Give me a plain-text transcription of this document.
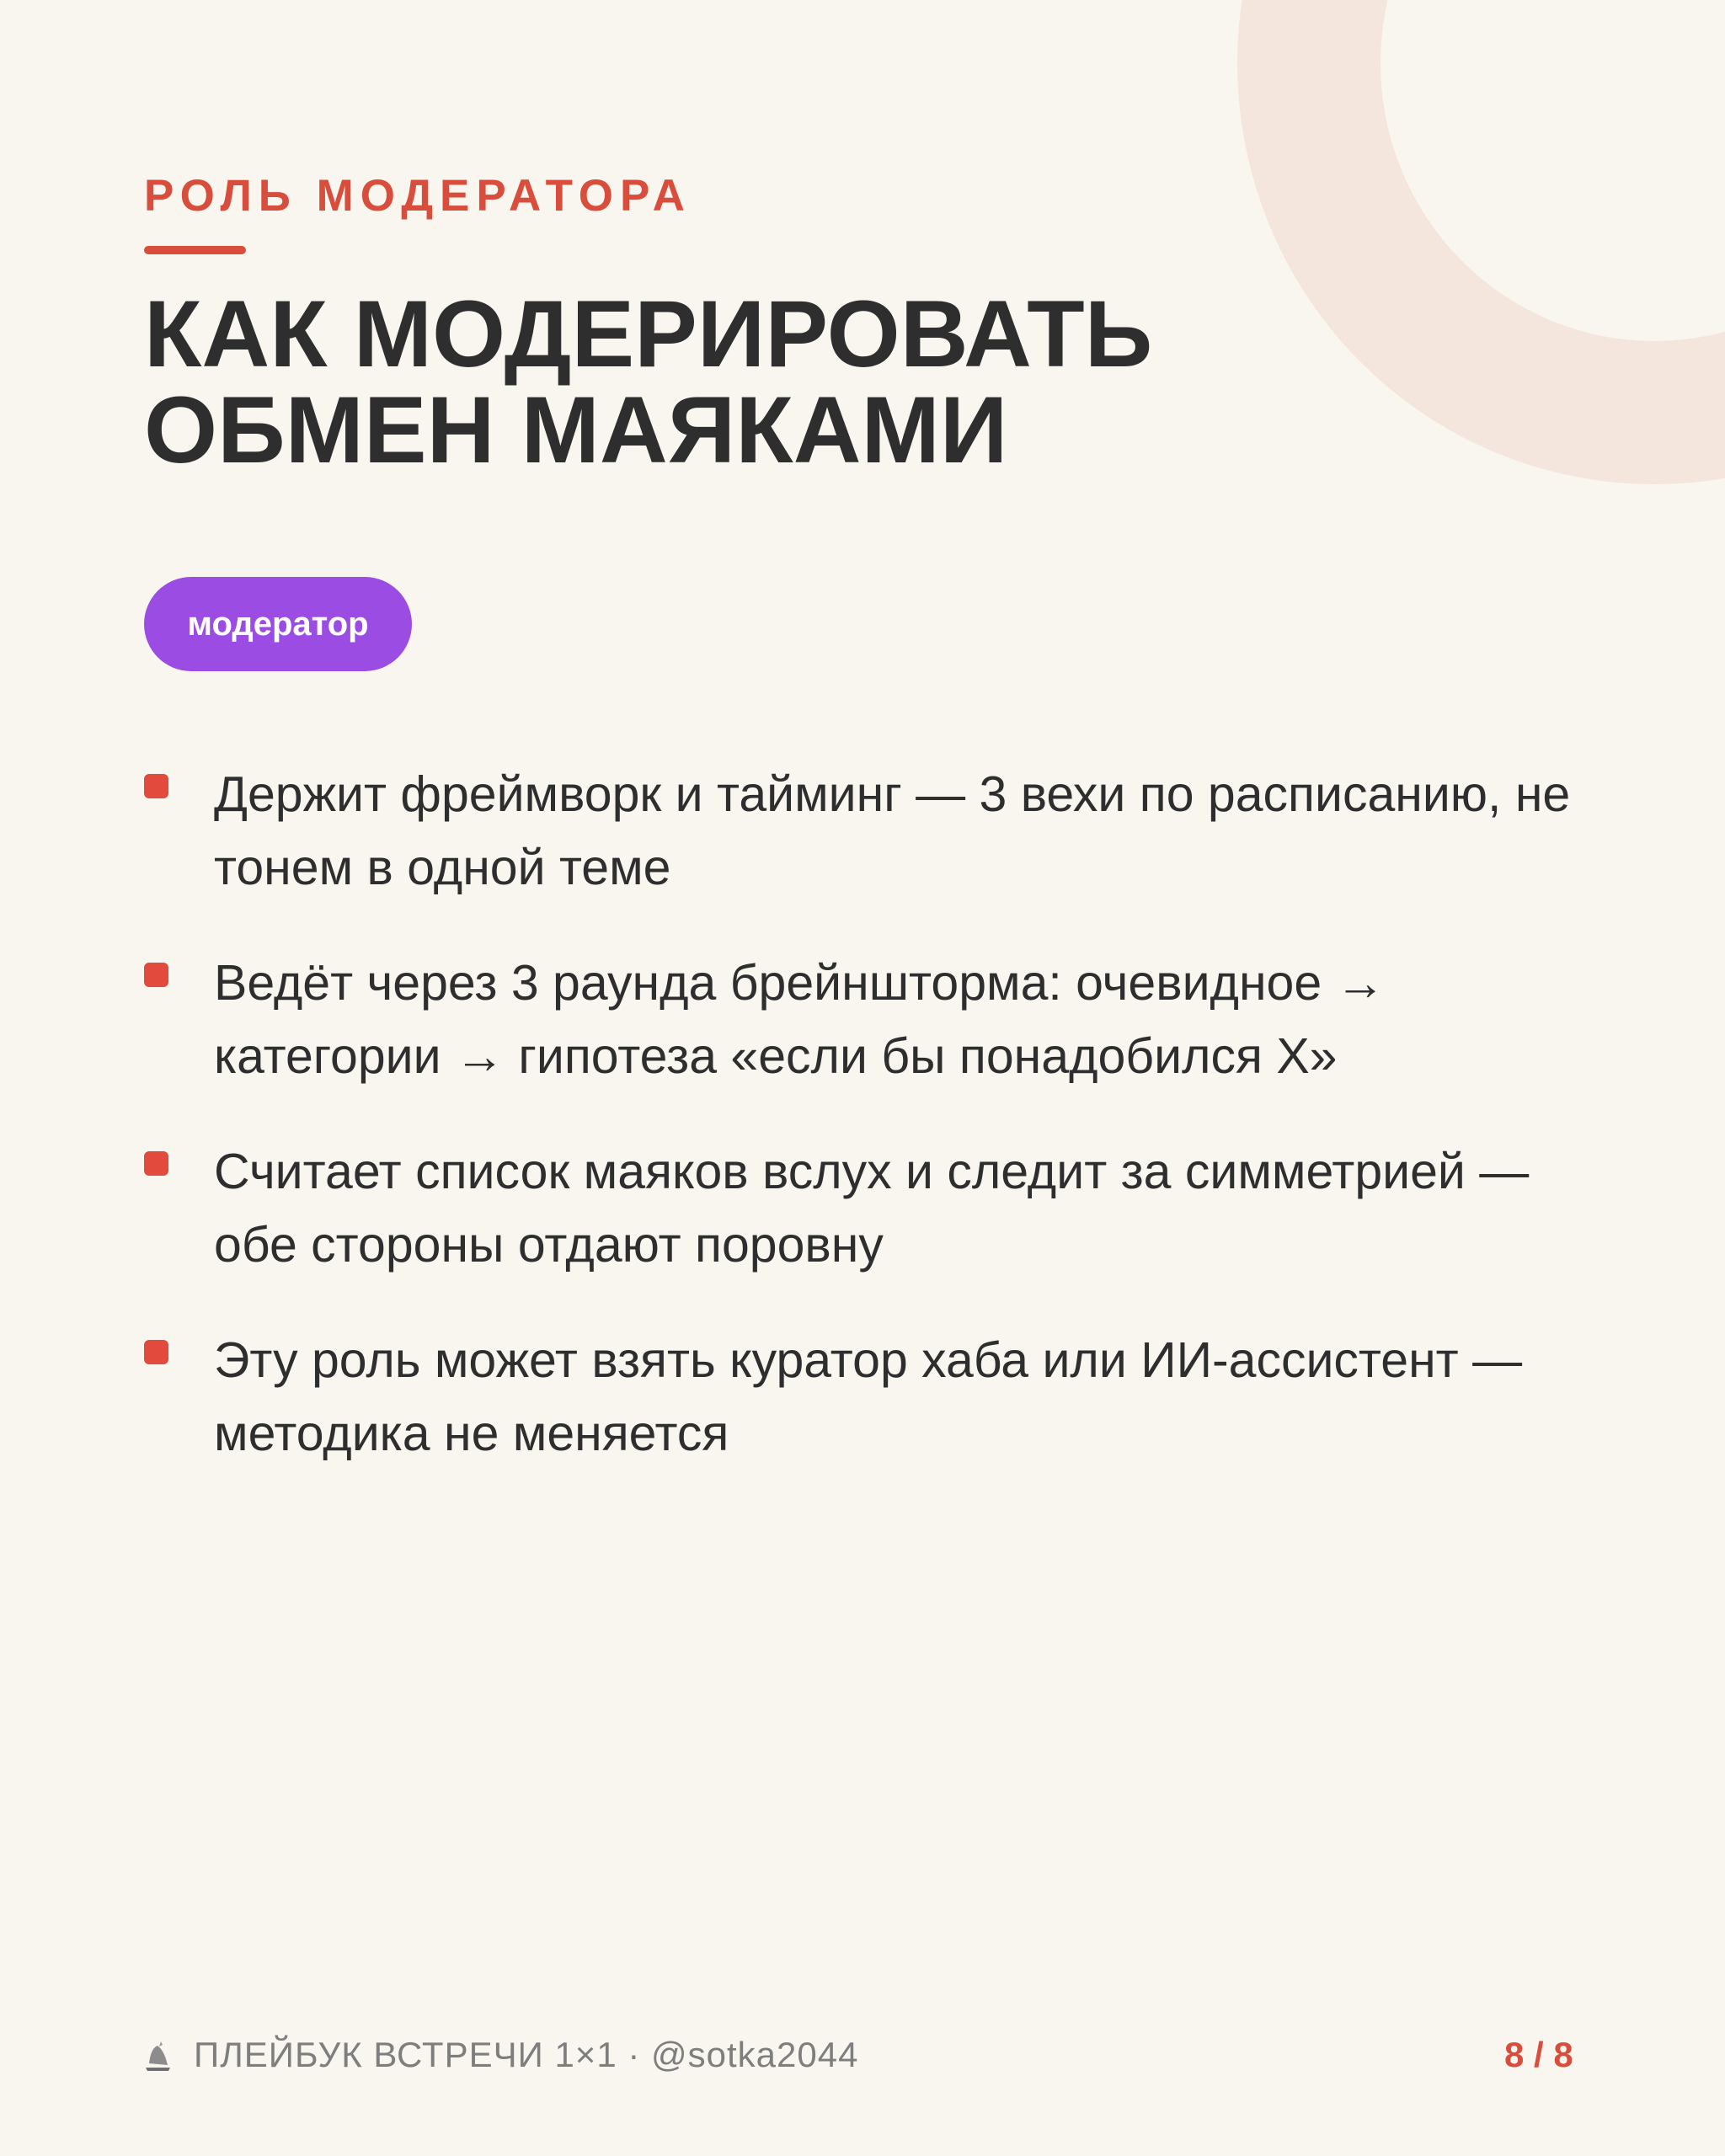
РОЛЬ МОДЕРАТОРА

КАК МОДЕРИРОВАТЬ
ОБМЕН МАЯКАМИ
модератор
Держит фреймворк и тайминг — 3 вехи по расписанию, не тонем в одной теме
Ведёт через 3 раунда брейншторма: очевидное → категории → гипотеза «если бы понадобился X»
Считает список маяков вслух и следит за симметрией — обе стороны отдают поровну
Эту роль может взять куратор хаба или ИИ-ассистент — методика не меняется
ПЛЕЙБУК ВСТРЕЧИ 1×1 · @sotka2044	8 / 8
